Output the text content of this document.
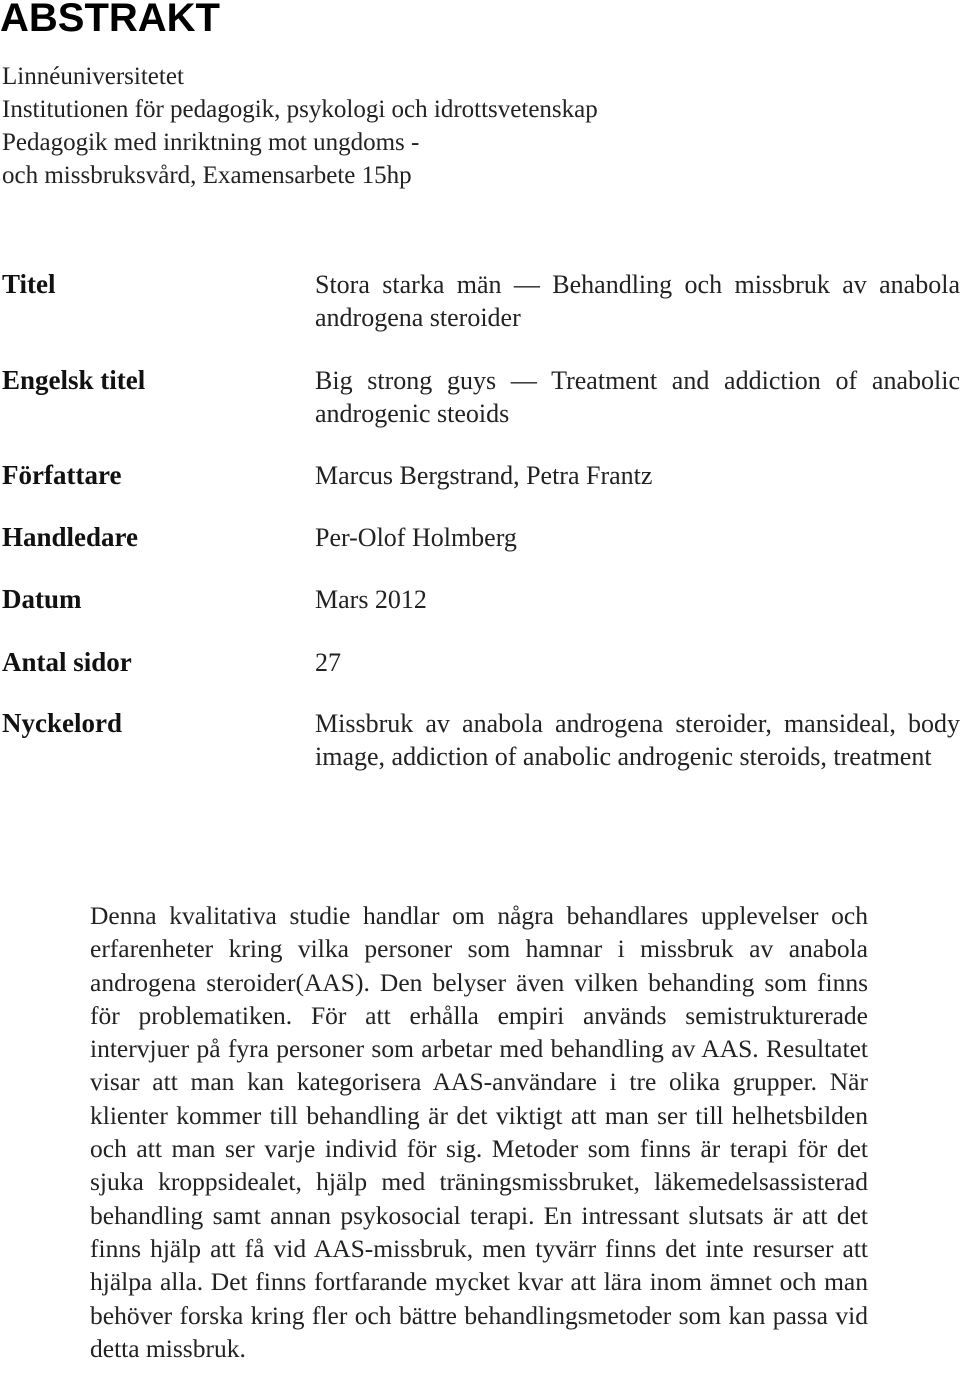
ABSTRAKT
Linnéuniversitetet
Institutionen för pedagogik, psykologi och idrottsvetenskap
Pedagogik med inriktning mot ungdoms -
och missbruksvård, Examensarbete 15hp
Titel	Stora starka män — Behandling och missbruk av anabola androgena steroider
Engelsk titel	Big strong guys — Treatment and addiction of anabolic androgenic steoids
Författare	Marcus Bergstrand, Petra Frantz
Handledare	Per-Olof Holmberg
Datum	Mars 2012
Antal sidor	27
Nyckelord	Missbruk av anabola androgena steroider, mansideal, body image, addiction of anabolic androgenic steroids, treatment

Denna kvalitativa studie handlar om några behandlares upplevelser och erfarenheter kring vilka personer som hamnar i missbruk av anabola androgena steroider(AAS). Den belyser även vilken behanding som finns för problematiken. För att erhålla empiri används semistrukturerade intervjuer på fyra personer som arbetar med behandling av AAS. Resultatet visar att man kan kategorisera AAS-användare i tre olika grupper. När klienter kommer till behandling är det viktigt att man ser till helhetsbilden och att man ser varje individ för sig. Metoder som finns är terapi för det sjuka kroppsidealet, hjälp med träningsmissbruket, läkemedelsassisterad behandling samt annan psykosocial terapi. En intressant slutsats är att det finns hjälp att få vid AAS-missbruk, men tyvärr finns det inte resurser att hjälpa alla. Det finns fortfarande mycket kvar att lära inom ämnet och man behöver forska kring fler och bättre behandlingsmetoder som kan passa vid detta missbruk.
